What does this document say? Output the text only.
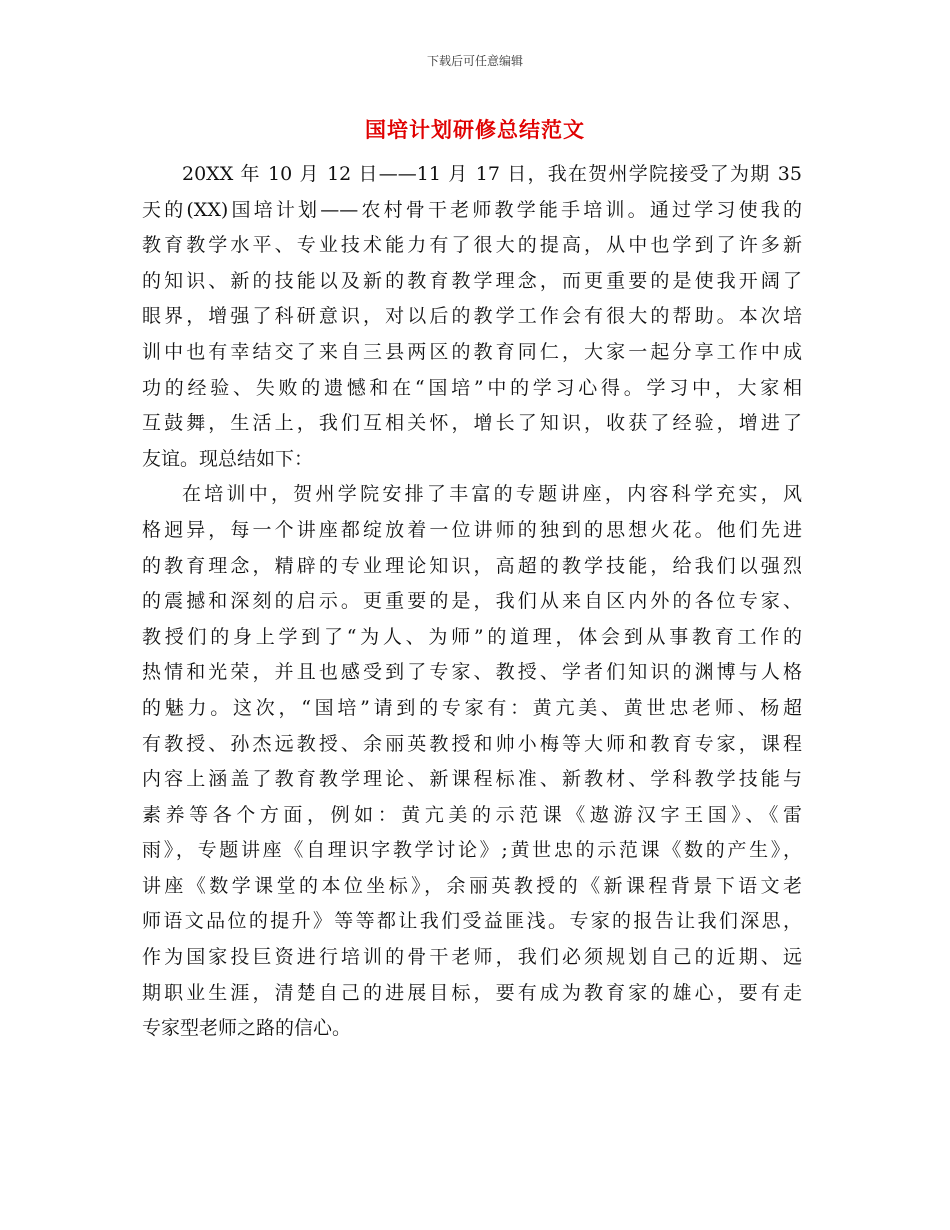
下载后可任意编辑
国培计划研修总结范文
20XX 年 10 月 12 日——11 月 17 日，我在贺州学院接受了为期 35
天的(XX)国培计划——农村骨干老师教学能手培训。通过学习使我的
教育教学水平、专业技术能力有了很大的提高，从中也学到了许多新
的知识、新的技能以及新的教育教学理念，而更重要的是使我开阔了
眼界，增强了科研意识，对以后的教学工作会有很大的帮助。本次培
训中也有幸结交了来自三县两区的教育同仁，大家一起分享工作中成
功的经验、失败的遗憾和在“国培”中的学习心得。学习中，大家相
互鼓舞，生活上，我们互相关怀，增长了知识，收获了经验，增进了
友谊。现总结如下：
在培训中，贺州学院安排了丰富的专题讲座，内容科学充实，风
格迥异，每一个讲座都绽放着一位讲师的独到的思想火花。他们先进
的教育理念，精辟的专业理论知识，高超的教学技能，给我们以强烈
的震撼和深刻的启示。更重要的是，我们从来自区内外的各位专家、
教授们的身上学到了“为人、为师”的道理，体会到从事教育工作的
热情和光荣，并且也感受到了专家、教授、学者们知识的渊博与人格
的魅力。这次，“国培”请到的专家有：黄亢美、黄世忠老师、杨超
有教授、孙杰远教授、余丽英教授和帅小梅等大师和教育专家，课程
内容上涵盖了教育教学理论、新课程标准、新教材、学科教学技能与
素养等各个方面，例如：黄亢美的示范课《遨游汉字王国》、《雷
雨》，专题讲座《自理识字教学讨论》;黄世忠的示范课《数的产生》，
讲座《数学课堂的本位坐标》，余丽英教授的《新课程背景下语文老
师语文品位的提升》等等都让我们受益匪浅。专家的报告让我们深思，
作为国家投巨资进行培训的骨干老师，我们必须规划自己的近期、远
期职业生涯，清楚自己的进展目标，要有成为教育家的雄心，要有走
专家型老师之路的信心。
